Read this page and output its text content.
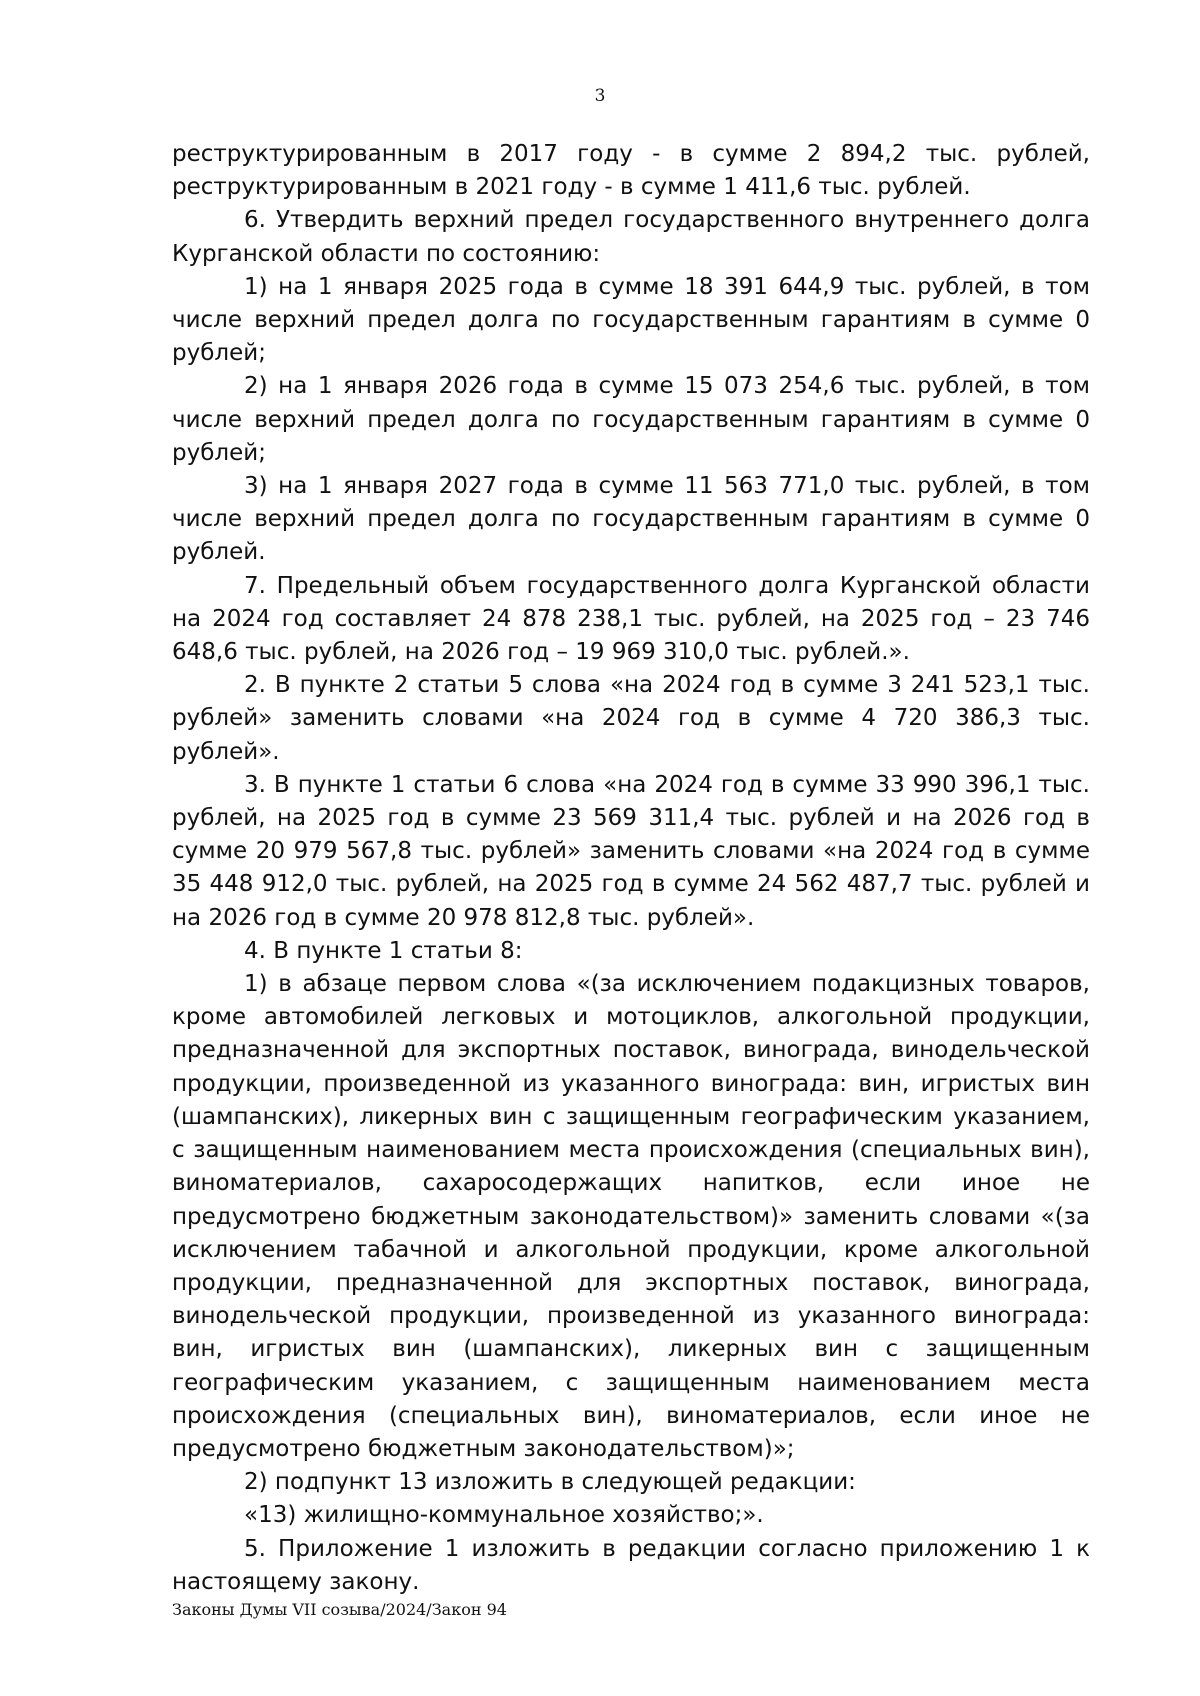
3

реструктурированным в 2017 году - в сумме 2 894,2 тыс. рублей, реструктурированным в 2021 году - в сумме 1 411,6 тыс. рублей.

6. Утвердить верхний предел государственного внутреннего долга Курганской области по состоянию:

1) на 1 января 2025 года в сумме 18 391 644,9 тыс. рублей, в том числе верхний предел долга по государственным гарантиям в сумме 0 рублей;

2) на 1 января 2026 года в сумме 15 073 254,6 тыс. рублей, в том числе верхний предел долга по государственным гарантиям в сумме 0 рублей;

3) на 1 января 2027 года в сумме 11 563 771,0 тыс. рублей, в том числе верхний предел долга по государственным гарантиям в сумме 0 рублей.

7. Предельный объем государственного долга Курганской области на 2024 год составляет 24 878 238,1 тыс. рублей, на 2025 год – 23 746 648,6 тыс. рублей, на 2026 год – 19 969 310,0 тыс. рублей.».

2. В пункте 2 статьи 5 слова «на 2024 год в сумме 3 241 523,1 тыс. рублей» заменить словами «на 2024 год в сумме 4 720 386,3 тыс. рублей».

3. В пункте 1 статьи 6 слова «на 2024 год в сумме 33 990 396,1 тыс. рублей, на 2025 год в сумме 23 569 311,4 тыс. рублей и на 2026 год в сумме 20 979 567,8 тыс. рублей» заменить словами «на 2024 год в сумме 35 448 912,0 тыс. рублей, на 2025 год в сумме 24 562 487,7 тыс. рублей и на 2026 год в сумме 20 978 812,8 тыс. рублей».

4. В пункте 1 статьи 8:

1) в абзаце первом слова «(за исключением подакцизных товаров, кроме автомобилей легковых и мотоциклов, алкогольной продукции, предназначенной для экспортных поставок, винограда, винодельческой продукции, произведенной из указанного винограда: вин, игристых вин (шампанских), ликерных вин с защищенным географическим указанием, с защищенным наименованием места происхождения (специальных вин), виноматериалов, сахаросодержащих напитков, если иное не предусмотрено бюджетным законодательством)» заменить словами «(за исключением табачной и алкогольной продукции, кроме алкогольной продукции, предназначенной для экспортных поставок, винограда, винодельческой продукции, произведенной из указанного винограда: вин, игристых вин (шампанских), ликерных вин с защищенным географическим указанием, с защищенным наименованием места происхождения (специальных вин), виноматериалов, если иное не предусмотрено бюджетным законодательством)»;

2) подпункт 13 изложить в следующей редакции:

«13) жилищно-коммунальное хозяйство;».

5. Приложение 1 изложить в редакции согласно приложению 1 к настоящему закону.

Законы Думы VII созыва/2024/Закон 94
